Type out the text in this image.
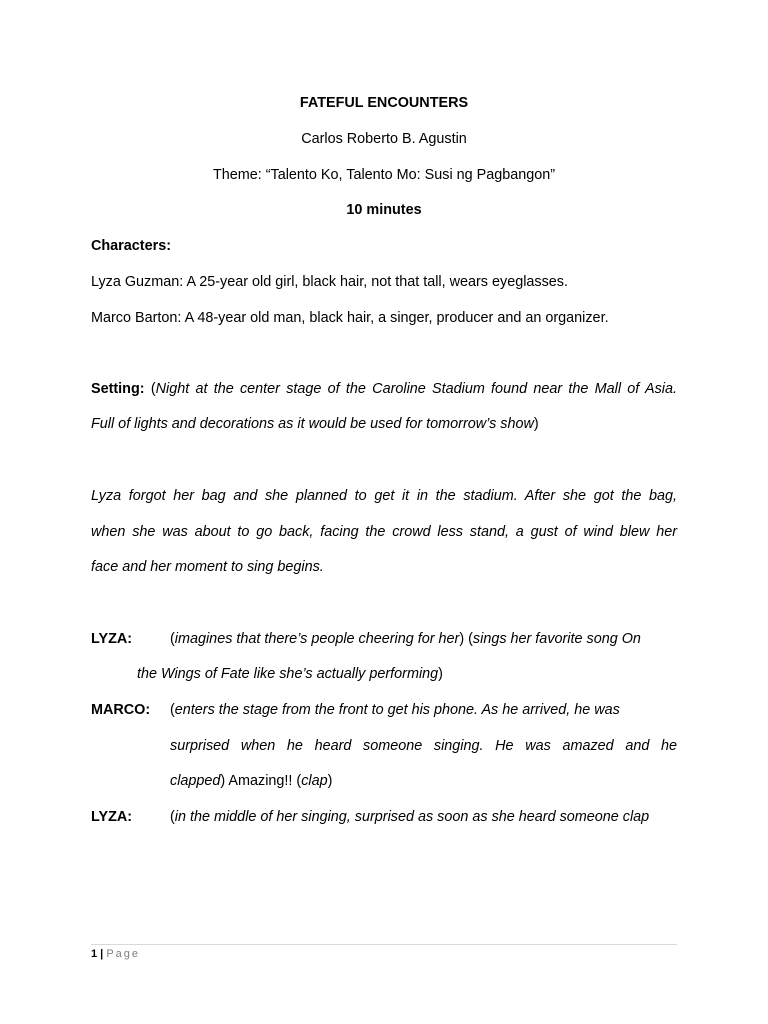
FATEFUL ENCOUNTERS
Carlos Roberto B. Agustin
Theme: “Talento Ko, Talento Mo: Susi ng Pagbangon”
10 minutes
Characters:
Lyza Guzman: A 25-year old girl, black hair, not that tall, wears eyeglasses.
Marco Barton: A 48-year old man, black hair, a singer, producer and an organizer.
Setting: (Night at the center stage of the Caroline Stadium found near the Mall of Asia.
Full of lights and decorations as it would be used for tomorrow’s show)
Lyza forgot her bag and she planned to get it in the stadium. After she got the bag,
when she was about to go back, facing the crowd less stand, a gust of wind blew her
face and her moment to sing begins.
LYZA:	(imagines that there’s people cheering for her) (sings her favorite song On
the Wings of Fate like she’s actually performing)
MARCO: (enters the stage from the front to get his phone. As he arrived, he was
surprised when he heard someone singing. He was amazed and he
clapped) Amazing!! (clap)
LYZA:	(in the middle of her singing, surprised as soon as she heard someone clap
1 | Page
